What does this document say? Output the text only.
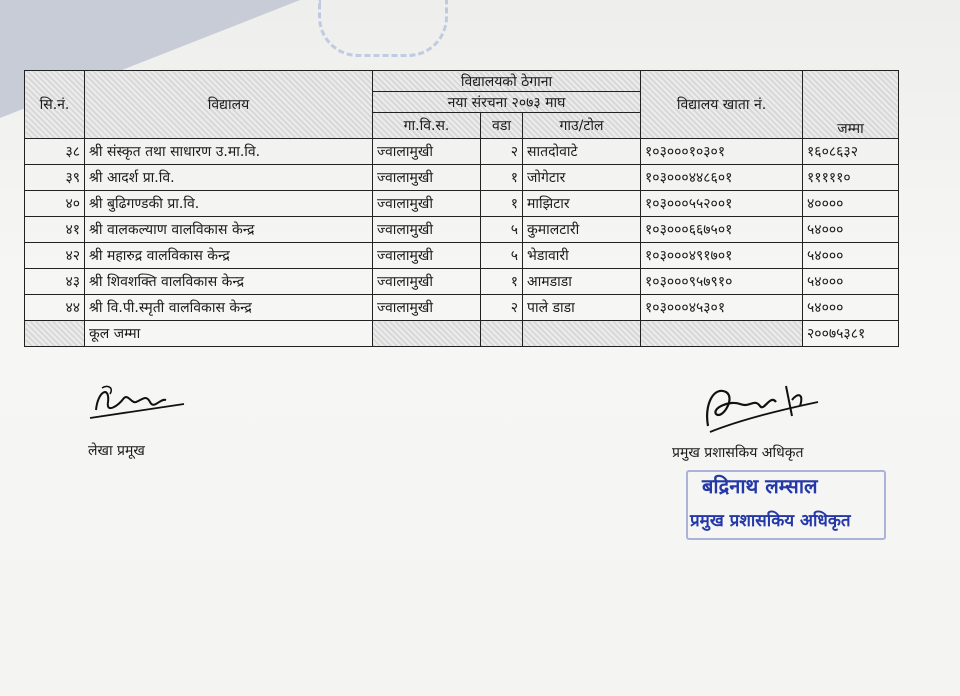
सि.नं.	विद्यालय	विद्यालयको ठेगाना			विद्यालय खाता नं.	जम्मा
		नया संरचना २०७३ माघ				
		गा.वि.स.	वडा	गाउ/टोल		
३८	श्री संस्कृत तथा साधारण उ.मा.वि.	ज्वालामुखी	२	सातदोवाटे	१०३०००१०३०१	१६०८६३२
३९	श्री आदर्श प्रा.वि.	ज्वालामुखी	१	जोगेटार	१०३०००४४८६०१	१११११०
४०	श्री बुढिगण्डकी प्रा.वि.	ज्वालामुखी	१	माझिटार	१०३०००५५२००१	४००००
४१	श्री वालकल्याण वालविकास केन्द्र	ज्वालामुखी	५	कुमालटारी	१०३०००६६७५०१	५४०००
४२	श्री महारुद्र वालविकास केन्द्र	ज्वालामुखी	५	भेडावारी	१०३०००४९१७०१	५४०००
४३	श्री शिवशक्ति वालविकास केन्द्र	ज्वालामुखी	१	आमडाडा	१०३०००९५७९१०	५४०००
४४	श्री वि.पी.स्मृती वालविकास केन्द्र	ज्वालामुखी	२	पाले डाडा	१०३०००४५३०१	५४०००
	कूल जम्मा					२००७५३८१
लेखा प्रमूख	प्रमुख प्रशासकिय अधिकृत
बद्रिनाथ लम्साल
प्रमुख प्रशासकिय अधिकृत
